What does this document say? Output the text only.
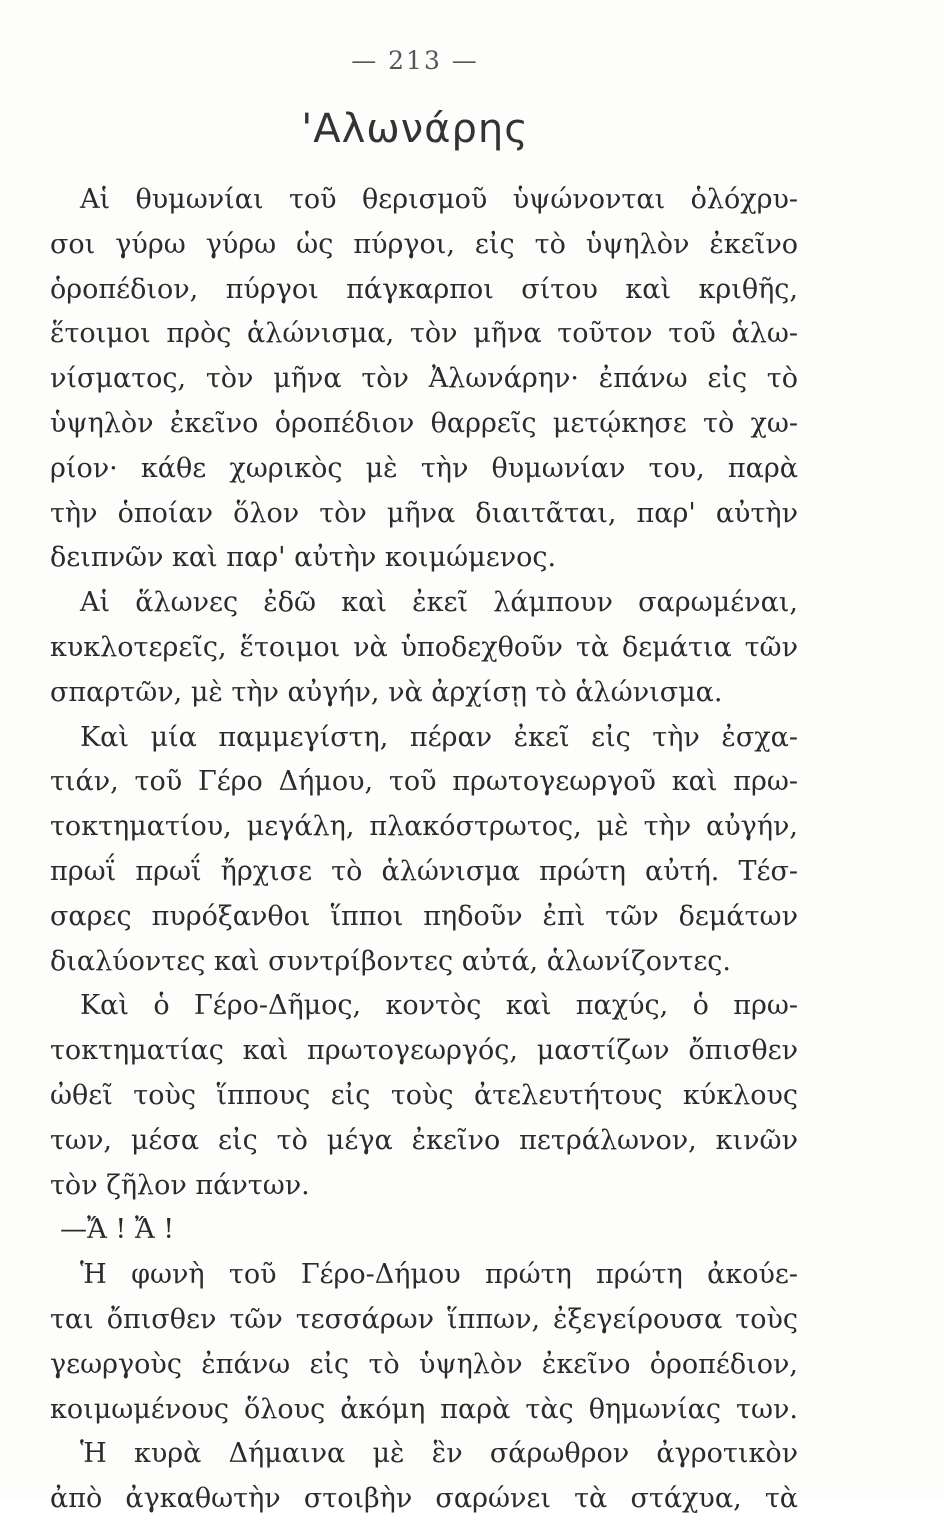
— 213 —
'Αλωνάρης
Αἱ θυμωνίαι τοῦ θερισμοῦ ὑψώνονται ὁλόχρυ-
σοι γύρω γύρω ὡς πύργοι, εἰς τὸ ὑψηλὸν ἐκεῖνο
ὁροπέδιον, πύργοι πάγκαρποι σίτου καὶ κριθῆς,
ἕτοιμοι πρὸς ἁλώνισμα, τὸν μῆνα τοῦτον τοῦ ἁλω-
νίσματος, τὸν μῆνα τὸν Ἀλωνάρην· ἐπάνω εἰς τὸ
ὑψηλὸν ἐκεῖνο ὁροπέδιον θαρρεῖς μετῴκησε τὸ χω-
ρίον· κάθε χωρικὸς μὲ τὴν θυμωνίαν του, παρὰ
τὴν ὁποίαν ὅλον τὸν μῆνα διαιτᾶται, παρ' αὐτὴν
δειπνῶν καὶ παρ' αὐτὴν κοιμώμενος.
Αἱ ἅλωνες ἐδῶ καὶ ἐκεῖ λάμπουν σαρωμέναι,
κυκλοτερεῖς, ἕτοιμοι νὰ ὑποδεχθοῦν τὰ δεμάτια τῶν
σπαρτῶν, μὲ τὴν αὐγήν, νὰ ἀρχίσῃ τὸ ἁλώνισμα.
Καὶ μία παμμεγίστη, πέραν ἐκεῖ εἰς τὴν ἐσχα-
τιάν, τοῦ Γέρο Δήμου, τοῦ πρωτογεωργοῦ καὶ πρω-
τοκτηματίου, μεγάλη, πλακόστρωτος, μὲ τὴν αὐγήν,
πρωΐ πρωΐ ἤρχισε τὸ ἁλώνισμα πρώτη αὐτή. Τέσ-
σαρες πυρόξανθοι ἵπποι πηδοῦν ἐπὶ τῶν δεμάτων
διαλύοντες καὶ συντρίβοντες αὐτά, ἁλωνίζοντες.
Καὶ ὁ Γέρο-Δῆμος, κοντὸς καὶ παχύς, ὁ πρω-
τοκτηματίας καὶ πρωτογεωργός, μαστίζων ὄπισθεν
ὠθεῖ τοὺς ἵππους εἰς τοὺς ἀτελευτήτους κύκλους
των, μέσα εἰς τὸ μέγα ἐκεῖνο πετράλωνον, κινῶν
τὸν ζῆλον πάντων.
—Ἄ ! Ἄ !
Ἡ φωνὴ τοῦ Γέρο-Δήμου πρώτη πρώτη ἀκούε-
ται ὄπισθεν τῶν τεσσάρων ἵππων, ἐξεγείρουσα τοὺς
γεωργοὺς ἐπάνω εἰς τὸ ὑψηλὸν ἐκεῖνο ὁροπέδιον,
κοιμωμένους ὅλους ἀκόμη παρὰ τὰς θημωνίας των.
Ἡ κυρὰ Δήμαινα μὲ ἓν σάρωθρον ἀγροτικὸν
ἀπὸ ἀγκαθωτὴν στοιβὴν σαρώνει τὰ στάχυα, τὰ
